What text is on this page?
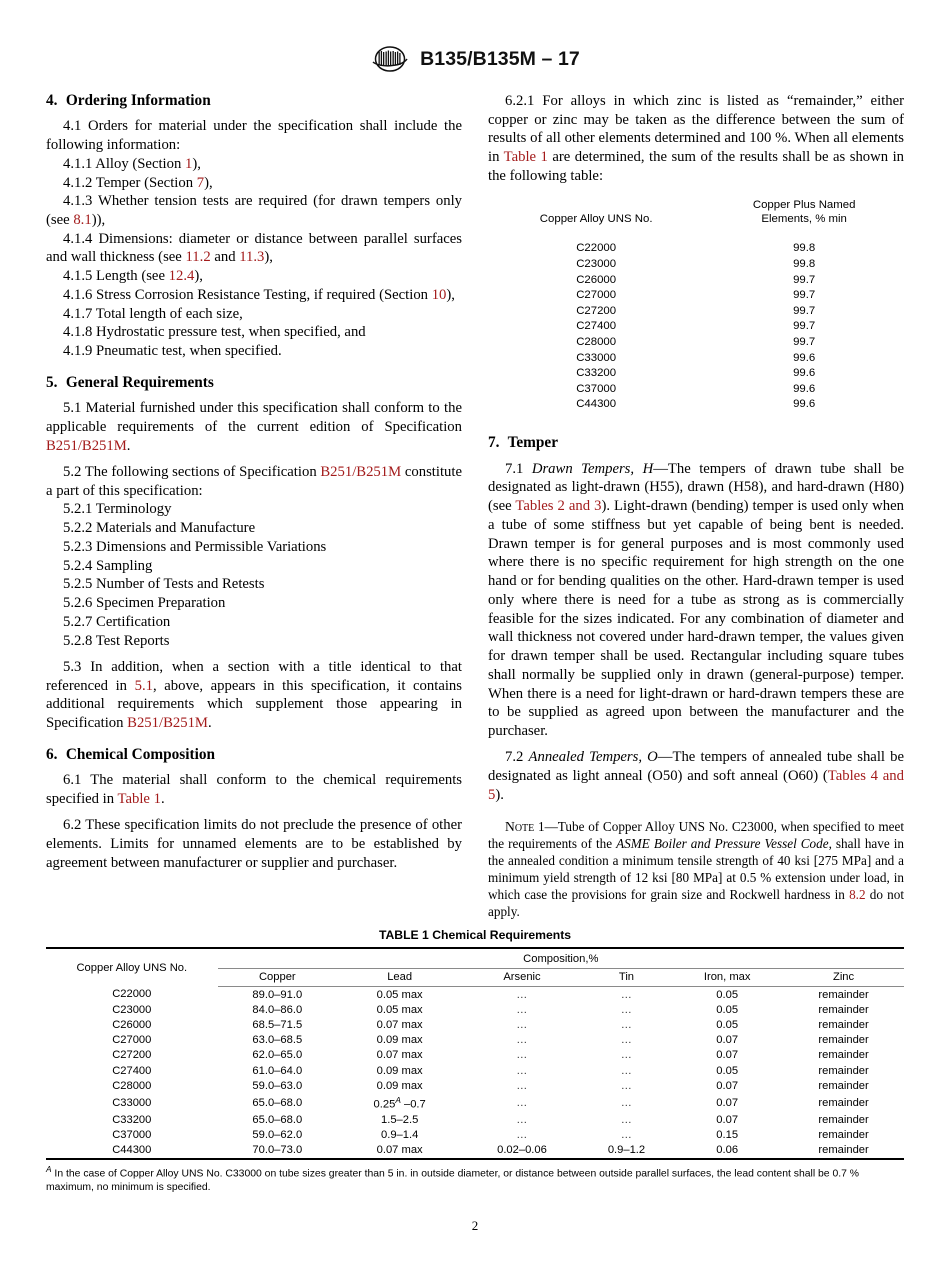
B135/B135M – 17
4. Ordering Information

4.1 Orders for material under the specification shall include the following information:

4.1.1 Alloy (Section 1),

4.1.2 Temper (Section 7),

4.1.3 Whether tension tests are required (for drawn tempers only (see 8.1)),

4.1.4 Dimensions: diameter or distance between parallel surfaces and wall thickness (see 11.2 and 11.3),

4.1.5 Length (see 12.4),

4.1.6 Stress Corrosion Resistance Testing, if required (Section 10),

4.1.7 Total length of each size,

4.1.8 Hydrostatic pressure test, when specified, and

4.1.9 Pneumatic test, when specified.

5. General Requirements

5.1 Material furnished under this specification shall conform to the applicable requirements of the current edition of Specification B251/B251M.

5.2 The following sections of Specification B251/B251M constitute a part of this specification:

5.2.1 Terminology

5.2.2 Materials and Manufacture

5.2.3 Dimensions and Permissible Variations

5.2.4 Sampling

5.2.5 Number of Tests and Retests

5.2.6 Specimen Preparation

5.2.7 Certification

5.2.8 Test Reports

5.3 In addition, when a section with a title identical to that referenced in 5.1, above, appears in this specification, it contains additional requirements which supplement those appearing in Specification B251/B251M.

6. Chemical Composition

6.1 The material shall conform to the chemical requirements specified in Table 1.

6.2 These specification limits do not preclude the presence of other elements. Limits for unnamed elements are to be established by agreement between manufacturer or supplier and purchaser.

6.2.1 For alloys in which zinc is listed as “remainder,” either copper or zinc may be taken as the difference between the sum of results of all other elements determined and 100 %. When all elements in Table 1 are determined, the sum of the results shall be as shown in the following table:

Copper Alloy UNS No.	Copper Plus Named
Elements, % min
C22000	99.8
C23000	99.8
C26000	99.7
C27000	99.7
C27200	99.7
C27400	99.7
C28000	99.7
C33000	99.6
C33200	99.6
C37000	99.6
C44300	99.6
7. Temper

7.1 Drawn Tempers, H—The tempers of drawn tube shall be designated as light-drawn (H55), drawn (H58), and hard-drawn (H80) (see Tables 2 and 3). Light-drawn (bending) temper is used only when a tube of some stiffness but yet capable of being bent is needed. Drawn temper is for general purposes and is most commonly used where there is no specific requirement for high strength on the one hand or for bending qualities on the other. Hard-drawn temper is used only where there is need for a tube as strong as is commercially feasible for the sizes indicated. For any combination of diameter and wall thickness not covered under hard-drawn temper, the values given for drawn temper shall be used. Rectangular including square tubes shall normally be supplied only in drawn (general-purpose) temper. When there is a need for light-drawn or hard-drawn tempers these are to be supplied as agreed upon between the manufacturer and the purchaser.

7.2 Annealed Tempers, O—The tempers of annealed tube shall be designated as light anneal (O50) and soft anneal (O60) (Tables 4 and 5).

Note 1—Tube of Copper Alloy UNS No. C23000, when specified to meet the requirements of the ASME Boiler and Pressure Vessel Code, shall have in the annealed condition a minimum tensile strength of 40 ksi [275 MPa] and a minimum yield strength of 12 ksi [80 MPa] at 0.5 % extension under load, in which case the provisions for grain size and Rockwell hardness in 8.2 do not apply.

TABLE 1 Chemical Requirements
Copper Alloy UNS No.	Composition,%					
	Copper	Lead	Arsenic	Tin	Iron, max	Zinc
C22000	89.0–91.0	0.05 max	...	...	0.05	remainder
C23000	84.0–86.0	0.05 max	...	...	0.05	remainder
C26000	68.5–71.5	0.07 max	...	...	0.05	remainder
C27000	63.0–68.5	0.09 max	...	...	0.07	remainder
C27200	62.0–65.0	0.07 max	...	...	0.07	remainder
C27400	61.0–64.0	0.09 max	...	...	0.05	remainder
C28000	59.0–63.0	0.09 max	...	...	0.07	remainder
C33000	65.0–68.0	0.25$^A$ –0.7	...	...	0.07	remainder
C33200	65.0–68.0	1.5–2.5	...	...	0.07	remainder
C37000	59.0–62.0	0.9–1.4	...	...	0.15	remainder
C44300	70.0–73.0	0.07 max	0.02–0.06	0.9–1.2	0.06	remainder
$^A$ In the case of Copper Alloy UNS No. C33000 on tube sizes greater than 5 in. in outside diameter, or distance between outside parallel surfaces, the lead content shall be 0.7 % maximum, no minimum is specified.
2
